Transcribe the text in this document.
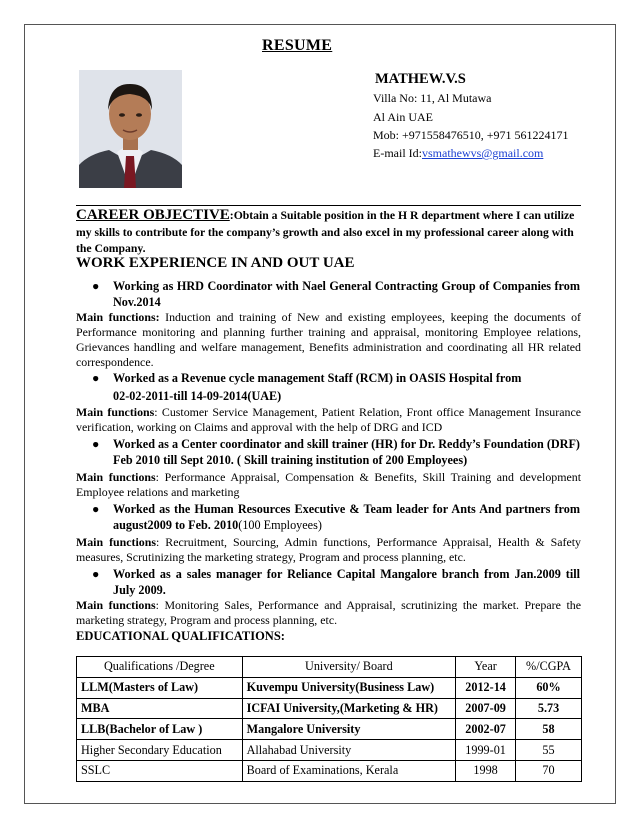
RESUME
MATHEW.V.S
Villa No: 11, Al Mutawa
Al Ain UAE
Mob: +971558476510, +971 561224171
E-mail Id:vsmathewvs@gmail.com
CAREER OBJECTIVE:Obtain a Suitable position in the H R department where I can utilize my skills to contribute for the company’s growth and also excel in my professional career along with the Company.
WORK EXPERIENCE IN AND OUT UAE
● Working as HRD Coordinator with Nael General Contracting Group of Companies from Nov.2014
Main functions: Induction and training of New and existing employees, keeping the documents of Performance monitoring and planning further training and appraisal, monitoring Employee relations, Grievances handling and welfare management, Benefits administration and coordinating all HR related correspondence.
● Worked as a Revenue cycle management Staff (RCM) in OASIS Hospital from
02-02-2011-till 14-09-2014(UAE)
Main functions: Customer Service Management, Patient Relation, Front office Management Insurance verification, working on Claims and approval with the help of DRG and ICD
● Worked as a Center coordinator and skill trainer (HR) for Dr. Reddy’s Foundation (DRF) Feb 2010 till Sept 2010. ( Skill training institution of 200 Employees)
Main functions: Performance Appraisal, Compensation & Benefits, Skill Training and development Employee relations and marketing
● Worked as the Human Resources Executive & Team leader for Ants And partners from august2009 to Feb. 2010(100 Employees)
Main functions: Recruitment, Sourcing, Admin functions, Performance Appraisal, Health & Safety measures, Scrutinizing the marketing strategy, Program and process planning, etc.
● Worked as a sales manager for Reliance Capital Mangalore branch from Jan.2009 till July 2009.
Main functions: Monitoring Sales, Performance and Appraisal, scrutinizing the market. Prepare the marketing strategy, Program and process planning, etc.
EDUCATIONAL QUALIFICATIONS:
Qualifications /Degree	University/ Board	Year	%/CGPA
LLM(Masters of Law)	Kuvempu University(Business Law)	2012-14	60%
MBA	ICFAI University,(Marketing & HR)	2007-09	5.73
LLB(Bachelor of Law )	Mangalore University	2002-07	58
Higher Secondary Education	Allahabad University	1999-01	55
SSLC	Board of Examinations, Kerala	1998	70
